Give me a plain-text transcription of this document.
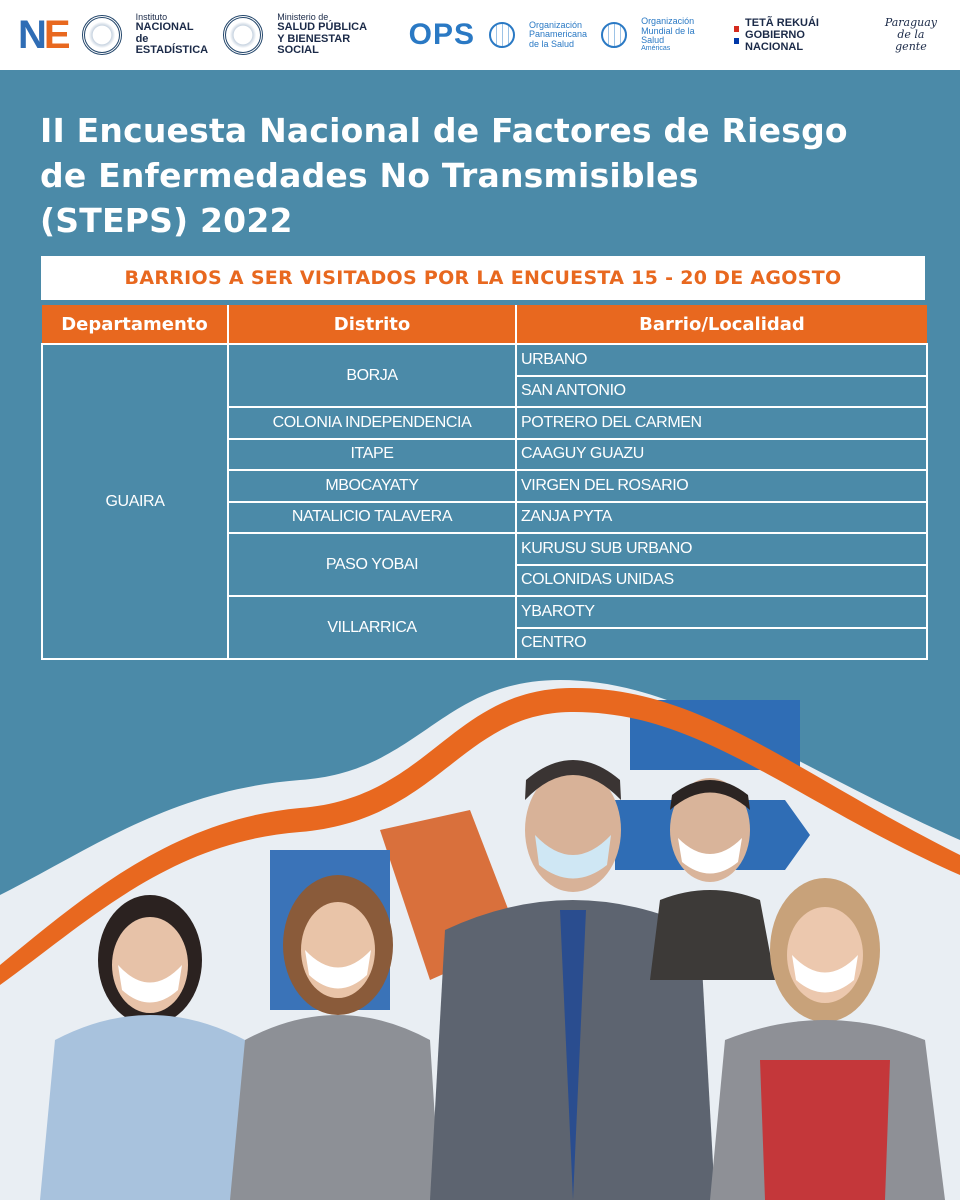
N E	Instituto
NACIONAL de
ESTADÍSTICA
Ministerio de
SALUD PÚBLICA
Y BIENESTAR SOCIAL	OPS	Organización
Panamericana
de la Salud
Organización
Mundial de la Salud
Américas
TETÃ REKUÁI
GOBIERNO NACIONAL
Paraguay
de la gente
II Encuesta Nacional de Factores de Riesgo
de Enfermedades No Transmisibles
(STEPS) 2022
BARRIOS A SER VISITADOS POR LA ENCUESTA 15 - 20 DE AGOSTO
Departamento	Distrito	Barrio/Localidad
GUAIRA	BORJA	URBANO
		SAN ANTONIO
	COLONIA INDEPENDENCIA	POTRERO DEL CARMEN
	ITAPE	CAAGUY GUAZU
	MBOCAYATY	VIRGEN DEL ROSARIO
	NATALICIO TALAVERA	ZANJA PYTA
	PASO YOBAI	KURUSU SUB URBANO
		COLONIDAS UNIDAS
	VILLARRICA	YBAROTY
		CENTRO
